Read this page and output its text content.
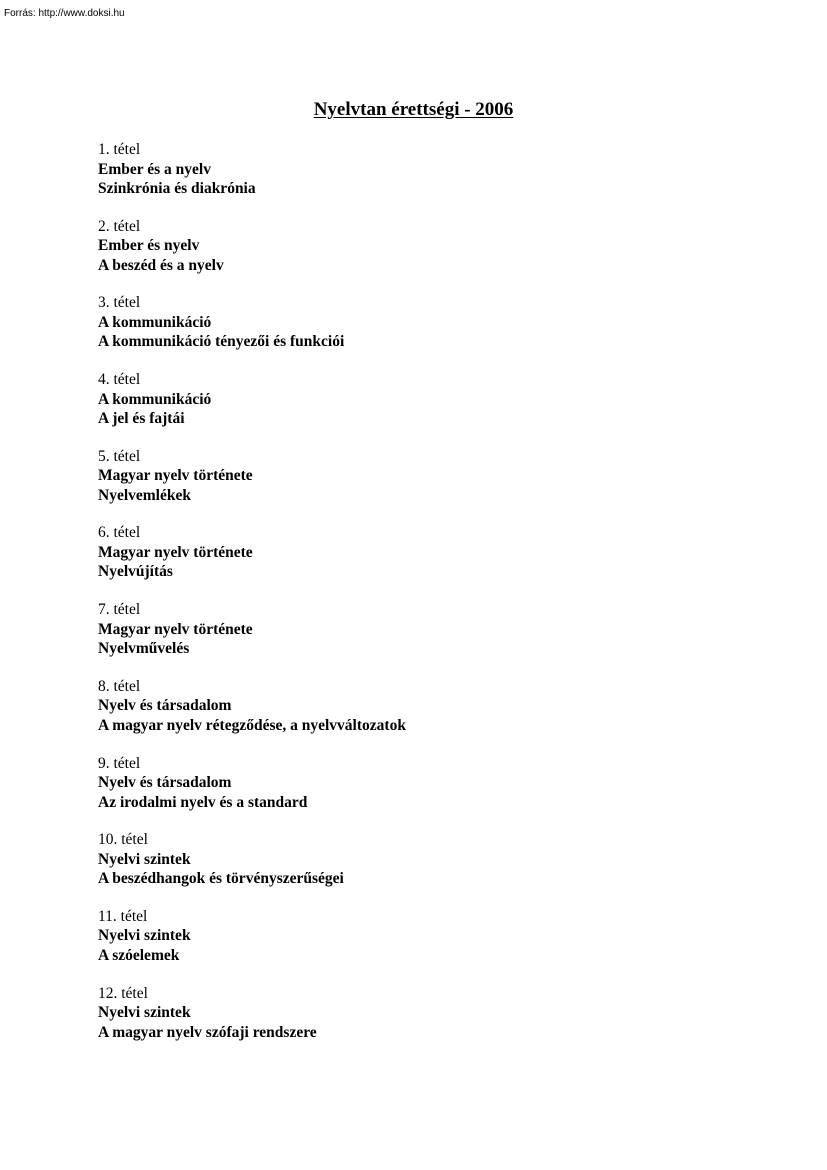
Forrás: http://www.doksi.hu
Nyelvtan érettségi - 2006
1. tétel
Ember és a nyelv
Szinkrónia és diakrónia
2. tétel
Ember és nyelv
A beszéd és a nyelv
3. tétel
A kommunikáció
A kommunikáció tényezői és funkciói
4. tétel
A kommunikáció
A jel és fajtái
5. tétel
Magyar nyelv története
Nyelvemlékek
6. tétel
Magyar nyelv története
Nyelvújítás
7. tétel
Magyar nyelv története
Nyelvművelés
8. tétel
Nyelv és társadalom
A magyar nyelv rétegződése, a nyelvváltozatok
9. tétel
Nyelv és társadalom
Az irodalmi nyelv és a standard
10. tétel
Nyelvi szintek
A beszédhangok és törvényszerűségei
11. tétel
Nyelvi szintek
A szóelemek
12. tétel
Nyelvi szintek
A magyar nyelv szófaji rendszere
